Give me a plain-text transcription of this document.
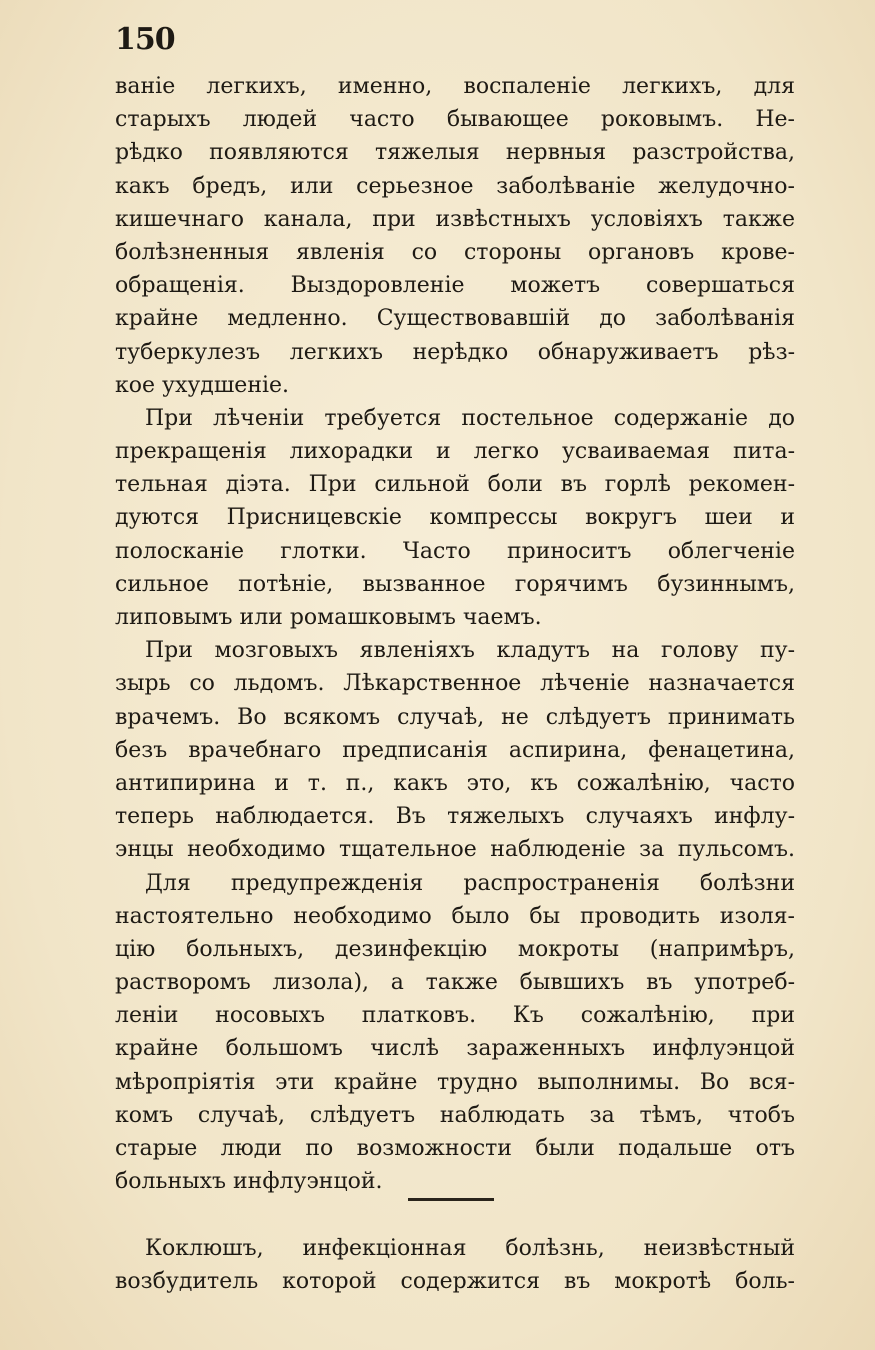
150
ваніе легкихъ, именно, воспаленіе легкихъ, для
старыхъ людей часто бывающее роковымъ. Не-
рѣдко появляются тяжелыя нервныя разстройства,
какъ бредъ, или серьезное заболѣваніе желудочно-
кишечнаго канала, при извѣстныхъ условіяхъ также
болѣзненныя явленія со стороны органовъ крове-
обращенія. Выздоровленіе можетъ совершаться
крайне медленно. Существовавшій до заболѣванія
туберкулезъ легкихъ нерѣдко обнаруживаетъ рѣз-
кое ухудшеніе.
При лѣченіи требуется постельное содержаніе до
прекращенія лихорадки и легко усваиваемая пита-
тельная діэта. При сильной боли въ горлѣ рекомен-
дуются Присницевскіе компрессы вокругъ шеи и
полосканіе глотки. Часто приноситъ облегченіе
сильное потѣніе, вызванное горячимъ бузиннымъ,
липовымъ или ромашковымъ чаемъ.
При мозговыхъ явленіяхъ кладутъ на голову пу-
зырь со льдомъ. Лѣкарственное лѣченіе назначается
врачемъ. Во всякомъ случаѣ, не слѣдуетъ принимать
безъ врачебнаго предписанія аспирина, фенацетина,
антипирина и т. п., какъ это, къ сожалѣнію, часто
теперь наблюдается. Въ тяжелыхъ случаяхъ инфлу-
энцы необходимо тщательное наблюденіе за пульсомъ.
Для предупрежденія распространенія болѣзни
настоятельно необходимо было бы проводить изоля-
цію больныхъ, дезинфекцію мокроты (напримѣръ,
растворомъ лизола), а также бывшихъ въ употреб-
леніи носовыхъ платковъ. Къ сожалѣнію, при
крайне большомъ числѣ зараженныхъ инфлуэнцой
мѣропріятія эти крайне трудно выполнимы. Во вся-
комъ случаѣ, слѣдуетъ наблюдать за тѣмъ, чтобъ
старые люди по возможности были подальше отъ
больныхъ инфлуэнцой.
Коклюшъ, инфекціонная болѣзнь, неизвѣстный
возбудитель которой содержится въ мокротѣ боль-
